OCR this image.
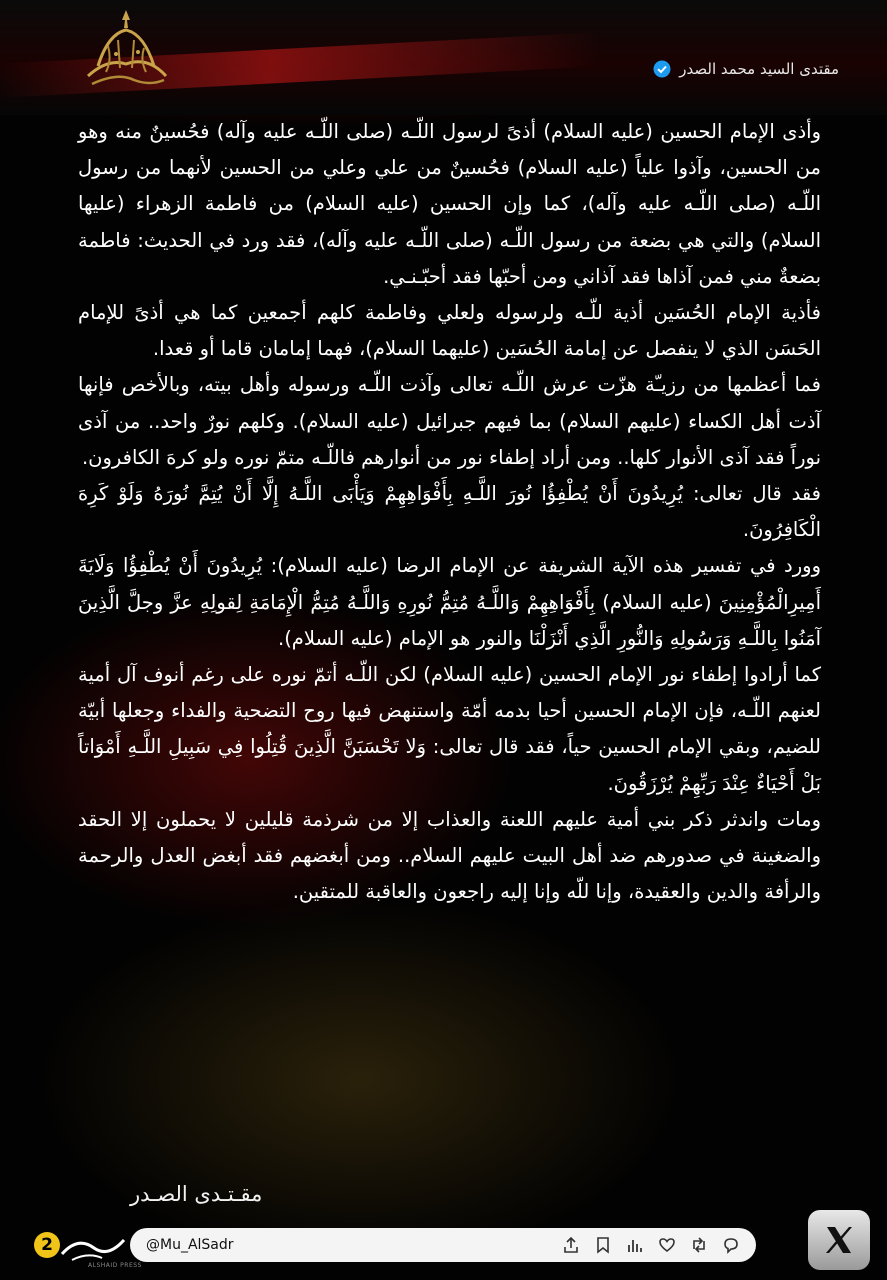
مقتدى السيد محمد الصدر
وأذى الإمام الحسين (عليه السلام) أذىً لرسول اللّـه (صلى اللّـه عليه وآله) فحُسينٌ منه وهو من الحسين، وآذوا علياً (عليه السلام) فحُسينٌ من علي وعلي من الحسين لأنهما من رسول اللّـه (صلى اللّـه عليه وآله)، كما وإن الحسين (عليه السلام) من فاطمة الزهراء (عليها السلام) والتي هي بضعة من رسول اللّـه (صلى اللّـه عليه وآله)، فقد ورد في الحديث: فاطمة بضعةٌ مني فمن آذاها فقد آذاني ومن أحبّها فقد أحبّـنـي.
فأذية الإمام الحُسَين أذية للّـه ولرسوله ولعلي وفاطمة كلهم أجمعين كما هي أذىً للإمام الحَسَن الذي لا ينفصل عن إمامة الحُسَين (عليهما السلام)، فهما إمامان قاما أو قعدا.
فما أعظمها من رزيـّة هزّت عرش اللّـه تعالى وآذت اللّـه ورسوله وأهل بيته، وبالأخص فإنها آذت أهل الكساء (عليهم السلام) بما فيهم جبرائيل (عليه السلام). وكلهم نورٌ واحد.. من آذى نوراً فقد آذى الأنوار كلها.. ومن أراد إطفاء نور من أنوارهم فاللّـه متمّ نوره ولو كرهَ الكافرون.
فقد قال تعالى: يُرِيدُونَ أَنْ يُطْفِؤُا نُورَ اللَّـهِ بِأَفْوَاهِهِمْ وَيَأْبَى اللَّـهُ إِلَّا أَنْ يُتِمَّ نُورَهُ وَلَوْ كَرِهَ الْكَافِرُونَ.
وورد في تفسير هذه الآية الشريفة عن الإمام الرضا (عليه السلام): يُرِيدُونَ أَنْ يُطْفِؤُا وَلَايَةَ أَمِيرِالْمُؤْمِنِينَ (عليه السلام) بِأَفْوَاهِهِمْ وَاللَّـهُ مُتِمُّ نُورِهِ وَاللَّـهُ مُتِمُّ الْإِمَامَةِ لِقولِهِ عزَّ وجلَّ الَّذِينَ آمَنُوا بِاللَّـهِ وَرَسُولِهِ وَالنُّورِ الَّذِي أَنْزَلْنَا والنور هو الإمام (عليه السلام).
كما أرادوا إطفاء نور الإمام الحسين (عليه السلام) لكن اللّـه أتمّ نوره على رغم أنوف آل أمية لعنهم اللّـه، فإن الإمام الحسين أحيا بدمه أمّة واستنهض فيها روح التضحية والفداء وجعلها أبيّة للضيم، وبقي الإمام الحسين حياً، فقد قال تعالى: وَلا تَحْسَبَنَّ الَّذِينَ قُتِلُوا فِي سَبِيلِ اللَّـهِ أَمْوَاتاً بَلْ أَحْيَاءٌ عِنْدَ رَبِّهِمْ يُرْزَقُونَ.
ومات واندثر ذكر بني أمية عليهم اللعنة والعذاب إلا من شرذمة قليلين لا يحملون إلا الحقد والضغينة في صدورهم ضد أهل البيت عليهم السلام.. ومن أبغضهم فقد أبغض العدل والرحمة والرأفة والدين والعقيدة، وإنا للّه وإنا إليه راجعون والعاقبة للمتقين.
مقـتـدى الصـدر
2
ALSHAID PRESS
@Mu_AlSadr
